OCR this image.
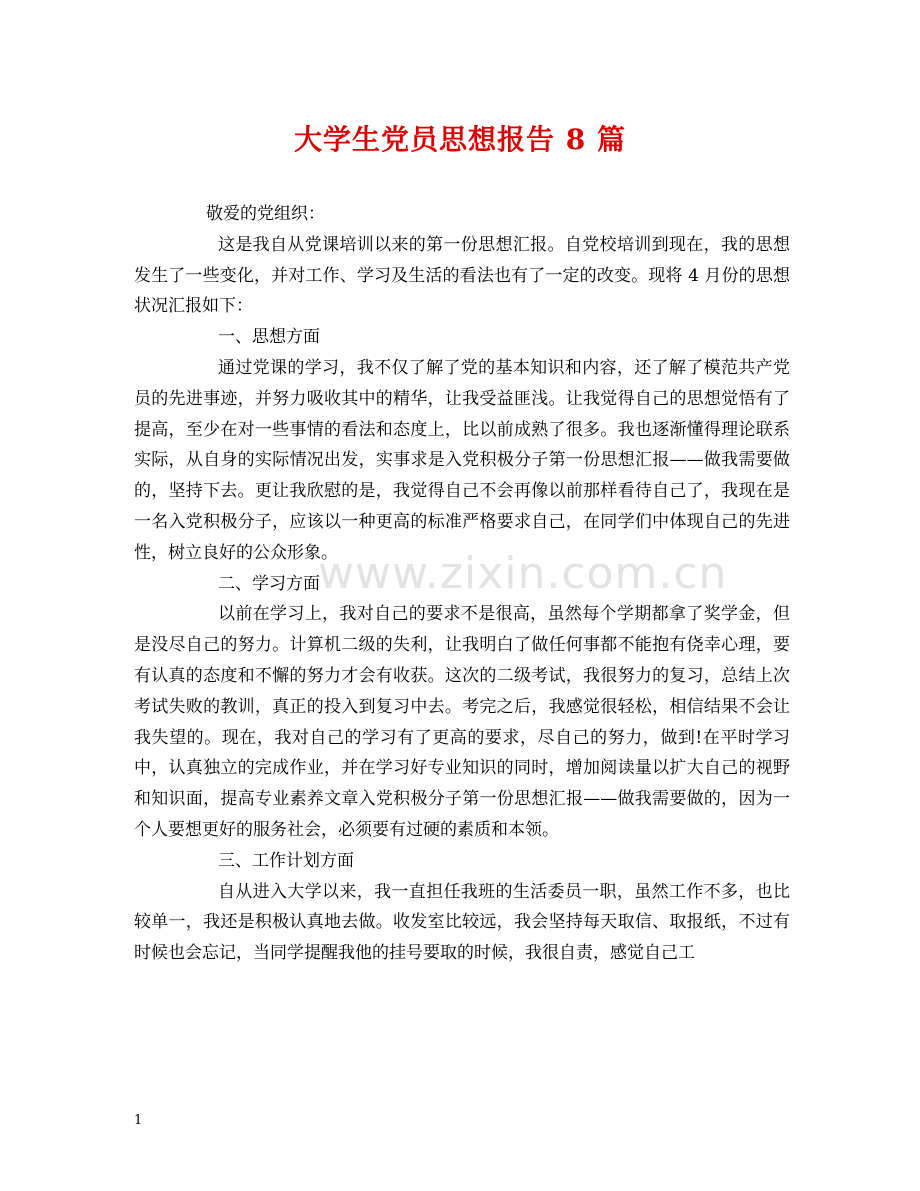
大学生党员思想报告 8 篇
www.zixin.com.cn

敬爱的党组织：

这是我自从党课培训以来的第一份思想汇报。自党校培训到现在，我的思想发生了一些变化，并对工作、学习及生活的看法也有了一定的改变。现将 4 月份的思想状况汇报如下：

一、思想方面

通过党课的学习，我不仅了解了党的基本知识和内容，还了解了模范共产党员的先进事迹，并努力吸收其中的精华，让我受益匪浅。让我觉得自己的思想觉悟有了提高，至少在对一些事情的看法和态度上，比以前成熟了很多。我也逐渐懂得理论联系实际，从自身的实际情况出发，实事求是入党积极分子第一份思想汇报——做我需要做的，坚持下去。更让我欣慰的是，我觉得自己不会再像以前那样看待自己了，我现在是一名入党积极分子，应该以一种更高的标准严格要求自己，在同学们中体现自己的先进性，树立良好的公众形象。

二、学习方面

以前在学习上，我对自己的要求不是很高，虽然每个学期都拿了奖学金，但是没尽自己的努力。计算机二级的失利，让我明白了做任何事都不能抱有侥幸心理，要有认真的态度和不懈的努力才会有收获。这次的二级考试，我很努力的复习，总结上次考试失败的教训，真正的投入到复习中去。考完之后，我感觉很轻松，相信结果不会让我失望的。现在，我对自己的学习有了更高的要求，尽自己的努力，做到!在平时学习中，认真独立的完成作业，并在学习好专业知识的同时，增加阅读量以扩大自己的视野和知识面，提高专业素养文章入党积极分子第一份思想汇报——做我需要做的，因为一个人要想更好的服务社会，必须要有过硬的素质和本领。

三、工作计划方面

自从进入大学以来，我一直担任我班的生活委员一职，虽然工作不多，也比较单一，我还是积极认真地去做。收发室比较远，我会坚持每天取信、取报纸，不过有时候也会忘记，当同学提醒我他的挂号要取的时候，我很自责，感觉自己工

1
